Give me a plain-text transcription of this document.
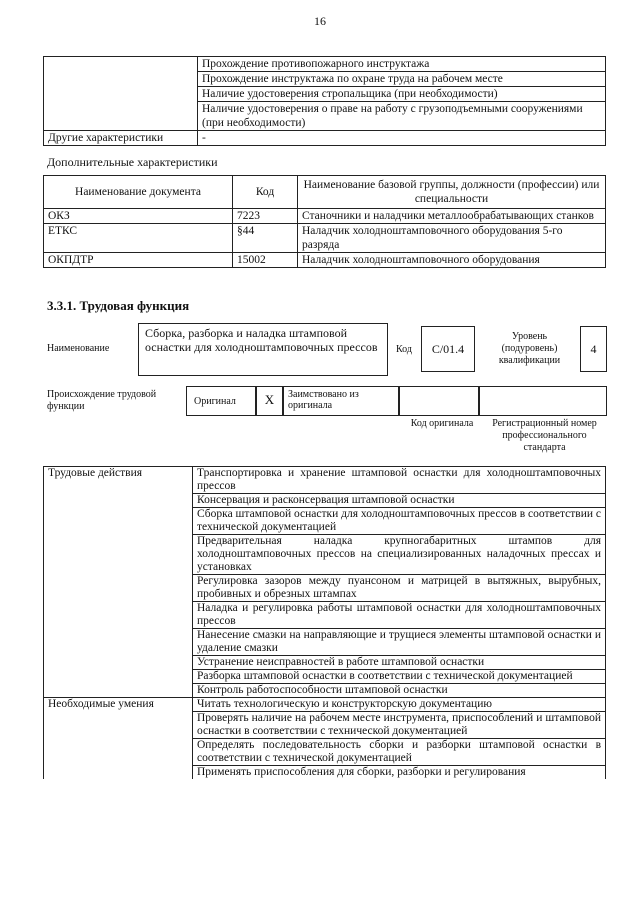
16
	Прохождение противопожарного инструктажа
	Прохождение инструктажа по охране труда на рабочем месте
	Наличие удостоверения стропальщика (при необходимости)
	Наличие удостоверения о праве на работу с грузоподъемными сооружениями (при необходимости)
Другие характеристики	-
Дополнительные характеристики
Наименование документа	Код	Наименование базовой группы, должности (профессии) или специальности
ОКЗ	7223	Станочники и наладчики металлообрабатывающих станков
ЕТКС	§44	Наладчик холодноштамповочного оборудования 5-го разряда
ОКПДТР	15002	Наладчик холодноштамповочного оборудования
3.3.1. Трудовая функция
Наименование
Сборка, разборка и наладка штамповой оснастки для холодноштамповочных прессов	Код	C/01.4
Уровень (подуровень) квалификации
4
Происхождение трудовой функции	Оригинал	X	Заимствовано из оригинала
Код оригинала	Регистрационный номер профессионального стандарта
Трудовые действия	Транспортировка и хранение штамповой оснастки для холодноштамповочных прессов
	Консервация и расконсервация штамповой оснастки
	Сборка штамповой оснастки для холодноштамповочных прессов в соответствии с технической документацией
	Предварительная наладка крупногабаритных штампов для холодноштамповочных прессов на специализированных наладочных прессах и установках
	Регулировка зазоров между пуансоном и матрицей в вытяжных, вырубных, пробивных и обрезных штампах
	Наладка и регулировка работы штамповой оснастки для холодноштамповочных прессов
	Нанесение смазки на направляющие и трущиеся элементы штамповой оснастки и удаление смазки
	Устранение неисправностей в работе штамповой оснастки
	Разборка штамповой оснастки в соответствии с технической документацией
	Контроль работоспособности штамповой оснастки
Необходимые умения	Читать технологическую и конструкторскую документацию
	Проверять наличие на рабочем месте инструмента, приспособлений и штамповой оснастки в соответствии с технической документацией
	Определять последовательность сборки и разборки штамповой оснастки в соответствии с технической документацией
	Применять приспособления для сборки, разборки и регулирования
